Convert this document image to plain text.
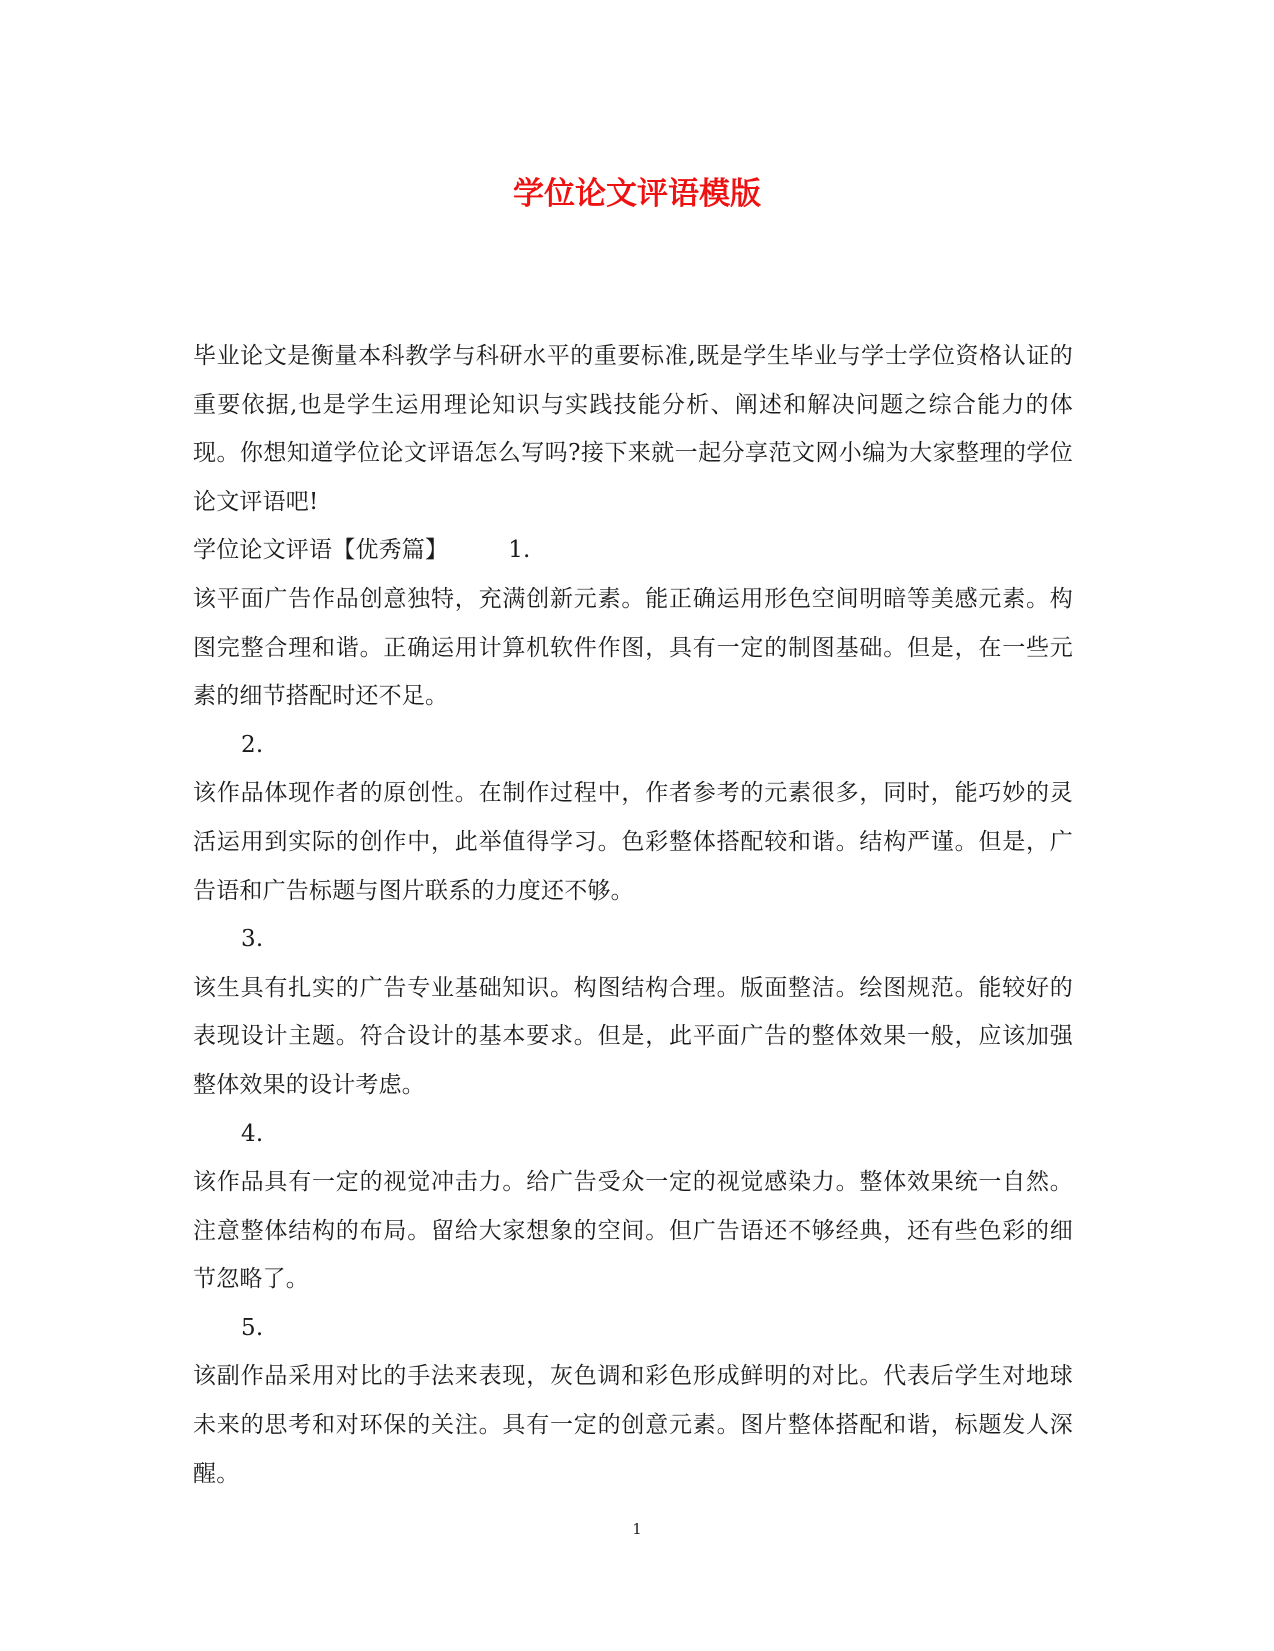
学位论文评语模版

毕业论文是衡量本科教学与科研水平的重要标准,既是学生毕业与学士学位资格认证的重要依据,也是学生运用理论知识与实践技能分析、阐述和解决问题之综合能力的体现。你想知道学位论文评语怎么写吗?接下来就一起分享范文网小编为大家整理的学位论文评语吧!

学位论文评语【优秀篇】	1.

该平面广告作品创意独特，充满创新元素。能正确运用形色空间明暗等美感元素。构图完整合理和谐。正确运用计算机软件作图，具有一定的制图基础。但是，在一些元素的细节搭配时还不足。

2.

该作品体现作者的原创性。在制作过程中，作者参考的元素很多，同时，能巧妙的灵活运用到实际的创作中，此举值得学习。色彩整体搭配较和谐。结构严谨。但是，广告语和广告标题与图片联系的力度还不够。

3.

该生具有扎实的广告专业基础知识。构图结构合理。版面整洁。绘图规范。能较好的表现设计主题。符合设计的基本要求。但是，此平面广告的整体效果一般，应该加强整体效果的设计考虑。

4.

该作品具有一定的视觉冲击力。给广告受众一定的视觉感染力。整体效果统一自然。注意整体结构的布局。留给大家想象的空间。但广告语还不够经典，还有些色彩的细节忽略了。

5.

该副作品采用对比的手法来表现，灰色调和彩色形成鲜明的对比。代表后学生对地球未来的思考和对环保的关注。具有一定的创意元素。图片整体搭配和谐，标题发人深醒。

1
